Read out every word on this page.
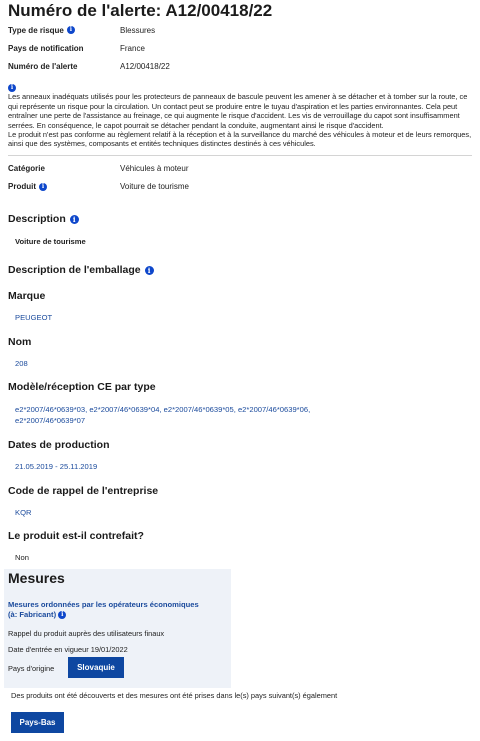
Numéro de l'alerte: A12/00418/22
Type de risque i	Blessures
Pays de notification	France
Numéro de l'alerte	A12/00418/22
i

Les anneaux inadéquats utilisés pour les protecteurs de panneaux de bascule peuvent les amener à se détacher et à tomber sur la route, ce qui représente un risque pour la circulation. Un contact peut se produire entre le tuyau d'aspiration et les parties environnantes. Cela peut entraîner une perte de l'assistance au freinage, ce qui augmente le risque d'accident. Les vis de verrouillage du capot sont insuffisamment serrées. En conséquence, le capot pourrait se détacher pendant la conduite, augmentant ainsi le risque d'accident.

Le produit n'est pas conforme au règlement relatif à la réception et à la surveillance du marché des véhicules à moteur et de leurs remorques, ainsi que des systèmes, composants et entités techniques distinctes destinés à ces véhicules.

Catégorie	Véhicules à moteur
Produit i	Voiture de tourisme
Description	i
Voiture de tourisme
Description de l'emballage	i
Marque
PEUGEOT
Nom
208
Modèle/réception CE par type
e2*2007/46*0639*03, e2*2007/46*0639*04, e2*2007/46*0639*05, e2*2007/46*0639*06,
e2*2007/46*0639*07
Dates de production
21.05.2019 - 25.11.2019
Code de rappel de l'entreprise
KQR
Le produit est-il contrefait?
Non
Mesures
Mesures ordonnées par les opérateurs économiques
(à: Fabricant) i
Rappel du produit auprès des utilisateurs finaux
Date d'entrée en vigueur 19/01/2022
Pays d'origine	Slovaquie
Des produits ont été découverts et des mesures ont été prises dans le(s) pays suivant(s) également
Pays-Bas
